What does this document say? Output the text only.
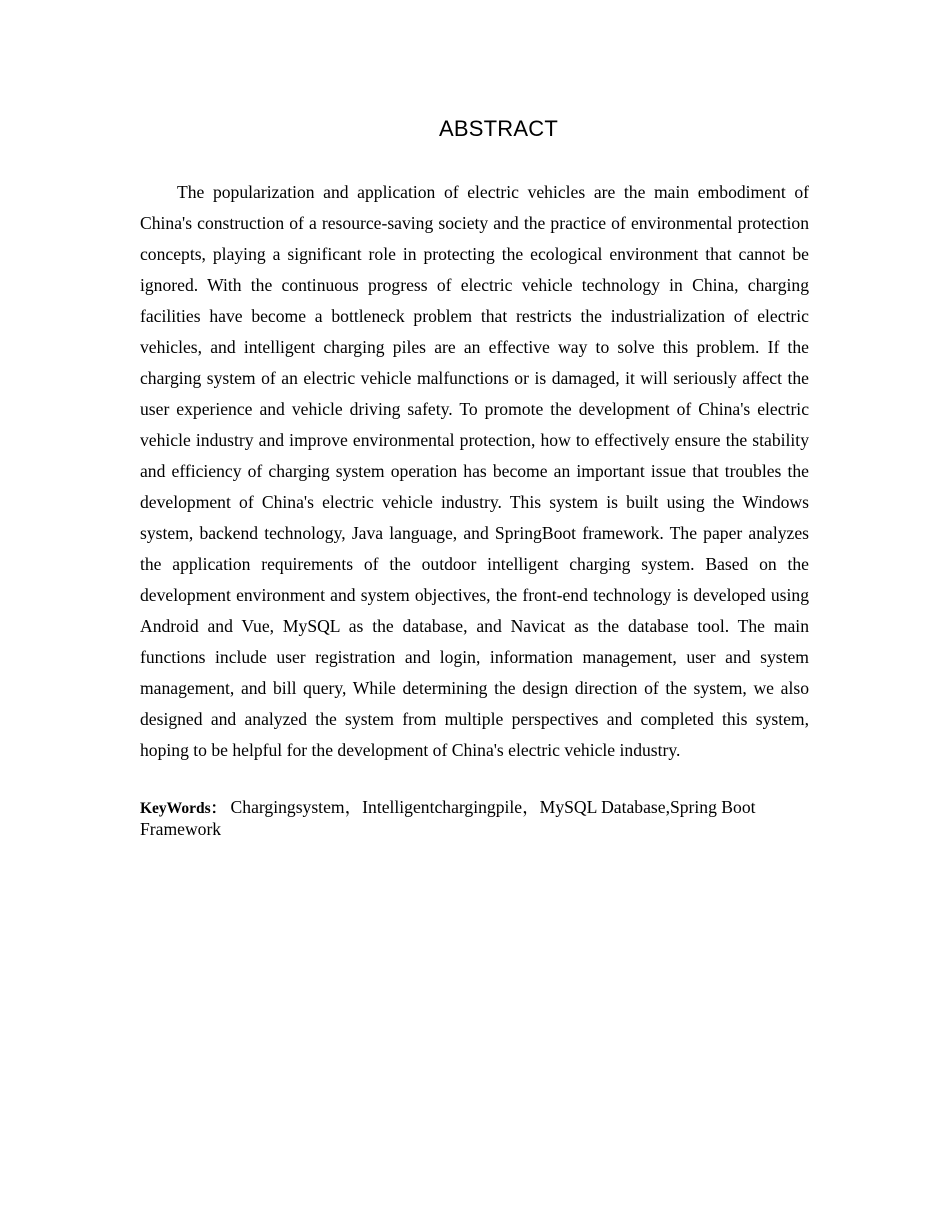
ABSTRACT

The popularization and application of electric vehicles are the main embodiment of China's construction of a resource-saving society and the practice of environmental protection concepts, playing a significant role in protecting the ecological environment that cannot be ignored. With the continuous progress of electric vehicle technology in China, charging facilities have become a bottleneck problem that restricts the industrialization of electric vehicles, and intelligent charging piles are an effective way to solve this problem. If the charging system of an electric vehicle malfunctions or is damaged, it will seriously affect the user experience and vehicle driving safety. To promote the development of China's electric vehicle industry and improve environmental protection, how to effectively ensure the stability and efficiency of charging system operation has become an important issue that troubles the development of China's electric vehicle industry. This system is built using the Windows system, backend technology, Java language, and SpringBoot framework. The paper analyzes the application requirements of the outdoor intelligent charging system. Based on the development environment and system objectives, the front-end technology is developed using Android and Vue, MySQL as the database, and Navicat as the database tool. The main functions include user registration and login, information management, user and system management, and bill query, While determining the design direction of the system, we also designed and analyzed the system from multiple perspectives and completed this system, hoping to be helpful for the development of China's electric vehicle industry.

KeyWords： Chargingsystem，Intelligentchargingpile，MySQL Database,Spring Boot Framework
